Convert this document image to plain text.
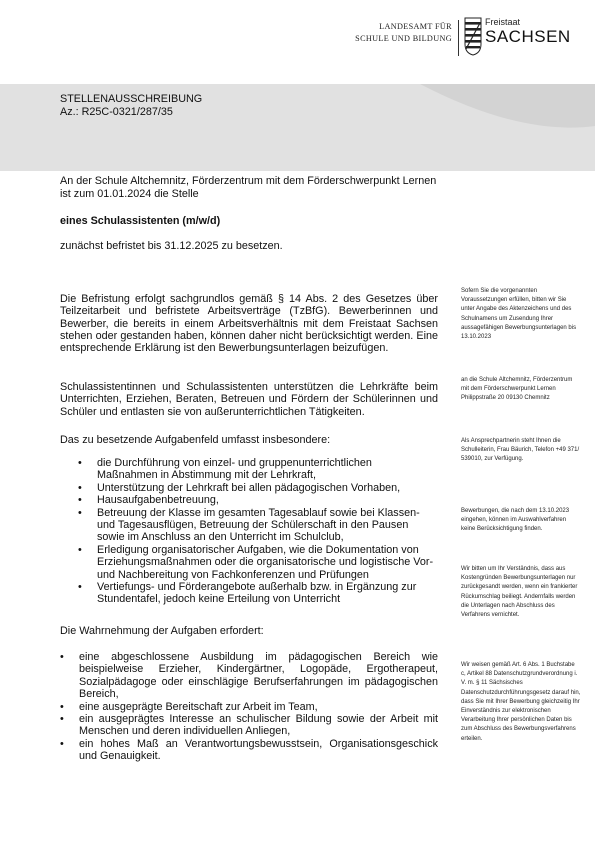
LANDESAMT FÜR
SCHULE UND BILDUNG
Freistaat
SACHSEN
STELLENAUSSCHREIBUNG
Az.: R25C-0321/287/35
An der Schule Altchemnitz, Förderzentrum mit dem Förderschwerpunkt Lernen ist zum 01.01.2024 die Stelle
eines Schulassistenten (m/w/d)
zunächst befristet bis 31.12.2025 zu besetzen.
Die Befristung erfolgt sachgrundlos gemäß § 14 Abs. 2 des Gesetzes über Teilzeitarbeit und befristete Arbeitsverträge (TzBfG). Bewerberinnen und Bewerber, die bereits in einem Arbeitsverhältnis mit dem Freistaat Sachsen stehen oder gestanden haben, können daher nicht berücksichtigt werden. Eine entsprechende Erklärung ist den Bewerbungsunterlagen beizufügen.
Schulassistentinnen und Schulassistenten unterstützen die Lehrkräfte beim Unterrichten, Erziehen, Beraten, Betreuen und Fördern der Schülerinnen und Schüler und entlasten sie von außerunterrichtlichen Tätigkeiten.
Das zu besetzende Aufgabenfeld umfasst insbesondere:
• die Durchführung von einzel- und gruppenunterrichtlichen Maßnahmen in Abstimmung mit der Lehrkraft,
• Unterstützung der Lehrkraft bei allen pädagogischen Vorhaben,
• Hausaufgabenbetreuung,
• Betreuung der Klasse im gesamten Tagesablauf sowie bei Klassen- und Tagesausflügen, Betreuung der Schülerschaft in den Pausen sowie im Anschluss an den Unterricht im Schulclub,
• Erledigung organisatorischer Aufgaben, wie die Dokumentation von Erziehungsmaßnahmen oder die organisatorische und logistische Vor- und Nachbereitung von Fachkonferenzen und Prüfungen
• Vertiefungs- und Förderangebote außerhalb bzw. in Ergänzung zur Stundentafel, jedoch keine Erteilung von Unterricht
Die Wahrnehmung der Aufgaben erfordert:
• eine abgeschlossene Ausbildung im pädagogischen Bereich wie beispielweise Erzieher, Kindergärtner, Logopäde, Ergotherapeut, Sozialpädagoge oder einschlägige Berufserfahrungen im pädagogischen Bereich,
• eine ausgeprägte Bereitschaft zur Arbeit im Team,
• ein ausgeprägtes Interesse an schulischer Bildung sowie der Arbeit mit Menschen und deren individuellen Anliegen,
• ein hohes Maß an Verantwortungsbewusstsein, Organisationsgeschick und Genauigkeit.
Sofern Sie die vorgenannten Voraussetzungen erfüllen, bitten wir Sie unter Angabe des Aktenzeichens und des Schulnamens um Zusendung Ihrer aussagefähigen Bewerbungsunterlagen bis 13.10.2023
an die Schule Altchemnitz, Förderzentrum mit dem Förderschwerpunkt Lernen Philippstraße 20 09130 Chemnitz
Als Ansprechpartnerin steht Ihnen die Schulleiterin, Frau Bäurich, Telefon +49 371/ 539010, zur Verfügung.
Bewerbungen, die nach dem 13.10.2023 eingehen, können im Auswahlverfahren keine Berücksichtigung finden.
Wir bitten um Ihr Verständnis, dass aus Kostengründen Bewerbungsunterlagen nur zurückgesandt werden, wenn ein frankierter Rückumschlag beiliegt. Andernfalls werden die Unterlagen nach Abschluss des Verfahrens vernichtet.
Wir weisen gemäß Art. 6 Abs. 1 Buchstabe c, Artikel 88 Datenschutzgrundverordnung i. V. m. § 11 Sächsisches Datenschutzdurchführungsgesetz darauf hin, dass Sie mit Ihrer Bewerbung gleichzeitig Ihr Einverständnis zur elektronischen Verarbeitung Ihrer persönlichen Daten bis zum Abschluss des Bewerbungsverfahrens erteilen.
